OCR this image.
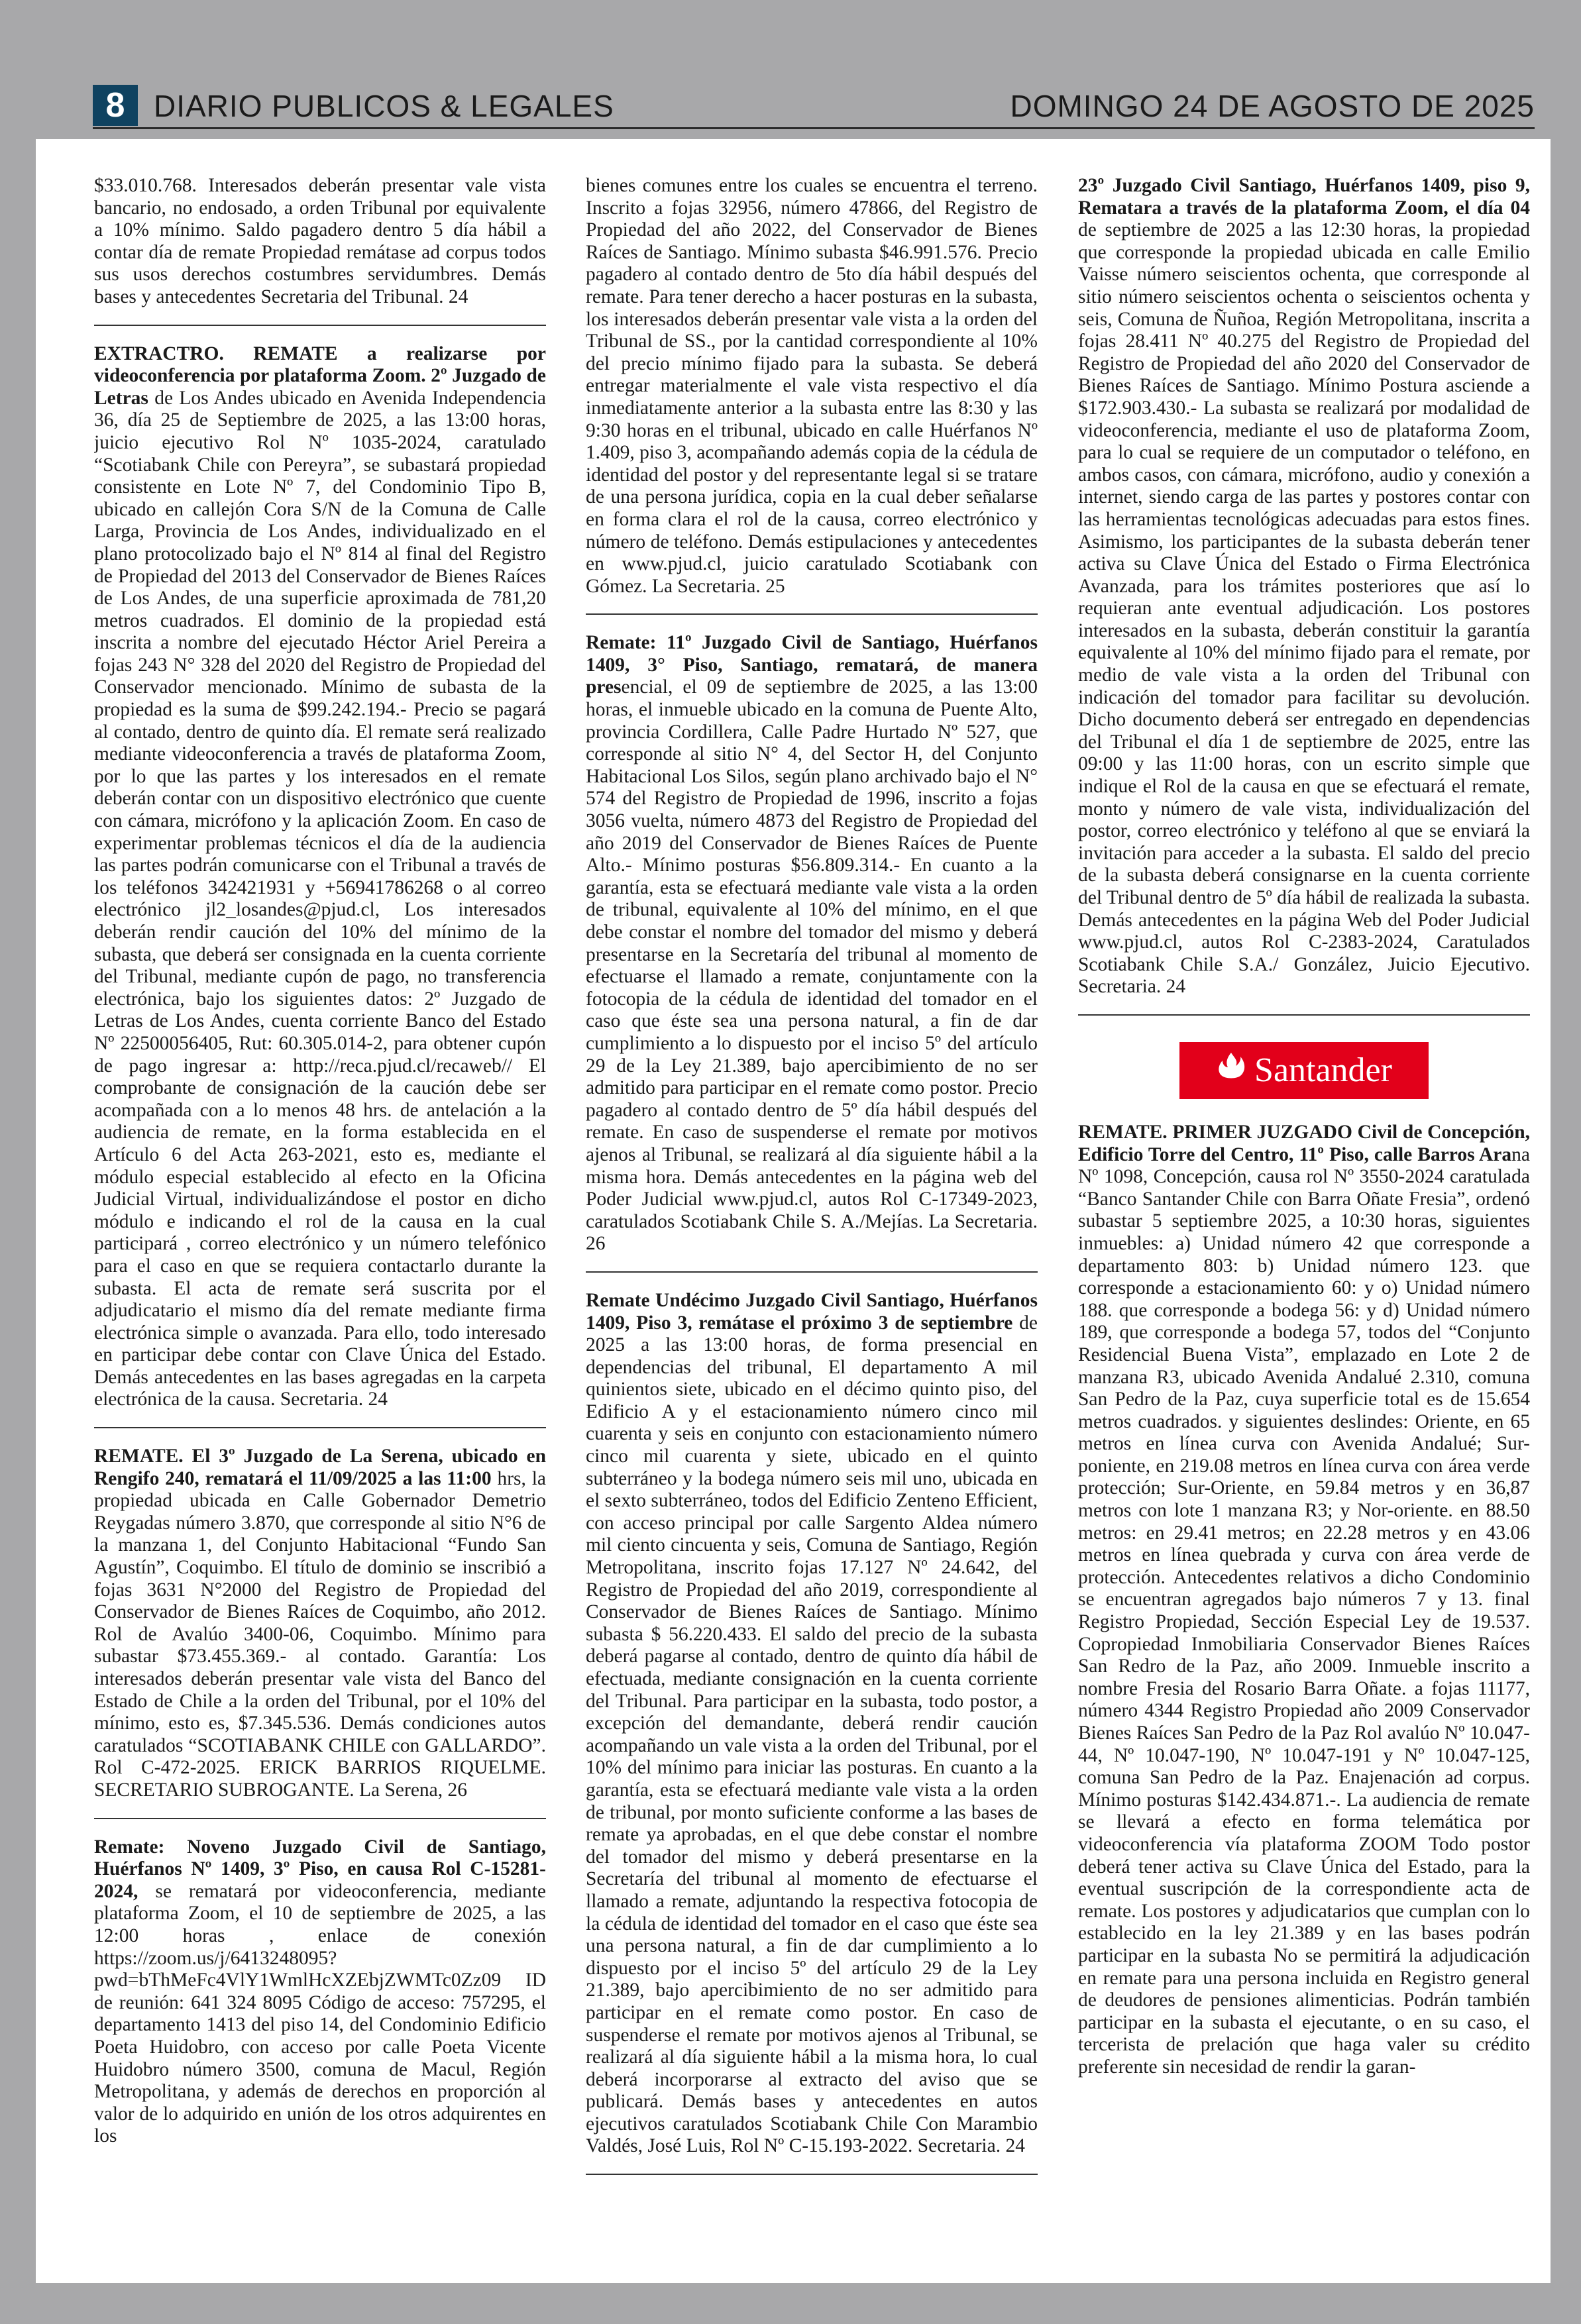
8 DIARIO PUBLICOS & LEGALES	DOMINGO 24 DE AGOSTO DE 2025

$33.010.768. Interesados deberán presentar vale vista bancario, no endosado, a orden Tribunal por equivalente a 10% mínimo. Saldo pagadero dentro 5 día hábil a contar día de remate Propiedad remátase ad corpus todos sus usos derechos costumbres servidumbres. Demás bases y antecedentes Secretaria del Tribunal. 24

EXTRACTRO. REMATE a realizarse por videoconferencia por plataforma Zoom. 2º Juzgado de Letras de Los Andes ubicado en Avenida Independencia 36, día 25 de Septiembre de 2025, a las 13:00 horas, juicio ejecutivo Rol Nº 1035-2024, caratulado “Scotiabank Chile con Pereyra”, se subastará propiedad consistente en Lote Nº 7, del Condominio Tipo B, ubicado en callejón Cora S/N de la Comuna de Calle Larga, Provincia de Los Andes, individualizado en el plano protocolizado bajo el Nº 814 al final del Registro de Propiedad del 2013 del Conservador de Bienes Raíces de Los Andes, de una superficie aproximada de 781,20 metros cuadrados. El dominio de la propiedad está inscrita a nombre del ejecutado Héctor Ariel Pereira a fojas 243 N° 328 del 2020 del Registro de Propiedad del Conservador mencionado. Mínimo de subasta de la propiedad es la suma de $99.242.194.- Precio se pagará al contado, dentro de quinto día. El remate será realizado mediante videoconferencia a través de plataforma Zoom, por lo que las partes y los interesados en el remate deberán contar con un dispositivo electrónico que cuente con cámara, micrófono y la aplicación Zoom. En caso de experimentar problemas técnicos el día de la audiencia las partes podrán comunicarse con el Tribunal a través de los teléfonos 342421931 y +56941786268 o al correo electrónico jl2_losandes@pjud.cl, Los interesados deberán rendir caución del 10% del mínimo de la subasta, que deberá ser consignada en la cuenta corriente del Tribunal, mediante cupón de pago, no transferencia electrónica, bajo los siguientes datos: 2º Juzgado de Letras de Los Andes, cuenta corriente Banco del Estado Nº 22500056405, Rut: 60.305.014-2, para obtener cupón de pago ingresar a: http://reca.pjud.cl/recaweb// El comprobante de consignación de la caución debe ser acompañada con a lo menos 48 hrs. de antelación a la audiencia de remate, en la forma establecida en el Artículo 6 del Acta 263-2021, esto es, mediante el módulo especial establecido al efecto en la Oficina Judicial Virtual, individualizándose el postor en dicho módulo e indicando el rol de la causa en la cual participará , correo electrónico y un número telefónico para el caso en que se requiera contactarlo durante la subasta. El acta de remate será suscrita por el adjudicatario el mismo día del remate mediante firma electrónica simple o avanzada. Para ello, todo interesado en participar debe contar con Clave Única del Estado. Demás antecedentes en las bases agregadas en la carpeta electrónica de la causa. Secretaria. 24

REMATE. El 3º Juzgado de La Serena, ubicado en Rengifo 240, rematará el 11/09/2025 a las 11:00 hrs, la propiedad ubicada en Calle Gobernador Demetrio Reygadas número 3.870, que corresponde al sitio N°6 de la manzana 1, del Conjunto Habitacional “Fundo San Agustín”, Coquimbo. El título de dominio se inscribió a fojas 3631 N°2000 del Registro de Propiedad del Conservador de Bienes Raíces de Coquimbo, año 2012. Rol de Avalúo 3400-06, Coquimbo. Mínimo para subastar $73.455.369.- al contado. Garantía: Los interesados deberán presentar vale vista del Banco del Estado de Chile a la orden del Tribunal, por el 10% del mínimo, esto es, $7.345.536. Demás condiciones autos caratulados “SCOTIABANK CHILE con GALLARDO”. Rol C-472-2025. ERICK BARRIOS RIQUELME. SECRETARIO SUBROGANTE. La Serena, 26

Remate: Noveno Juzgado Civil de Santiago, Huérfanos Nº 1409, 3º Piso, en causa Rol C-15281-2024, se rematará por videoconferencia, mediante plataforma Zoom, el 10 de septiembre de 2025, a las 12:00 horas , enlace de conexión https://zoom.us/j/6413248095?pwd=bThMeFc4VlY1WmlHcXZEbjZWMTc0Zz09 ID de reunión: 641 324 8095 Código de acceso: 757295, el departamento 1413 del piso 14, del Condominio Edificio Poeta Huidobro, con acceso por calle Poeta Vicente Huidobro número 3500, comuna de Macul, Región Metropolitana, y además de derechos en proporción al valor de lo adquirido en unión de los otros adquirentes en los

bienes comunes entre los cuales se encuentra el terreno. Inscrito a fojas 32956, número 47866, del Registro de Propiedad del año 2022, del Conservador de Bienes Raíces de Santiago. Mínimo subasta $46.991.576. Precio pagadero al contado dentro de 5to día hábil después del remate. Para tener derecho a hacer posturas en la subasta, los interesados deberán presentar vale vista a la orden del Tribunal de SS., por la cantidad correspondiente al 10% del precio mínimo fijado para la subasta. Se deberá entregar materialmente el vale vista respectivo el día inmediatamente anterior a la subasta entre las 8:30 y las 9:30 horas en el tribunal, ubicado en calle Huérfanos Nº 1.409, piso 3, acompañando además copia de la cédula de identidad del postor y del representante legal si se tratare de una persona jurídica, copia en la cual deber señalarse en forma clara el rol de la causa, correo electrónico y número de teléfono. Demás estipulaciones y antecedentes en www.pjud.cl, juicio caratulado Scotiabank con Gómez. La Secretaria. 25

Remate: 11º Juzgado Civil de Santiago, Huérfanos 1409, 3° Piso, Santiago, rematará, de manera presencial, el 09 de septiembre de 2025, a las 13:00 horas, el inmueble ubicado en la comuna de Puente Alto, provincia Cordillera, Calle Padre Hurtado Nº 527, que corresponde al sitio N° 4, del Sector H, del Conjunto Habitacional Los Silos, según plano archivado bajo el N° 574 del Registro de Propiedad de 1996, inscrito a fojas 3056 vuelta, número 4873 del Registro de Propiedad del año 2019 del Conservador de Bienes Raíces de Puente Alto.- Mínimo posturas $56.809.314.- En cuanto a la garantía, esta se efectuará mediante vale vista a la orden de tribunal, equivalente al 10% del mínimo, en el que debe constar el nombre del tomador del mismo y deberá presentarse en la Secretaría del tribunal al momento de efectuarse el llamado a remate, conjuntamente con la fotocopia de la cédula de identidad del tomador en el caso que éste sea una persona natural, a fin de dar cumplimiento a lo dispuesto por el inciso 5º del artículo 29 de la Ley 21.389, bajo apercibimiento de no ser admitido para participar en el remate como postor. Precio pagadero al contado dentro de 5º día hábil después del remate. En caso de suspenderse el remate por motivos ajenos al Tribunal, se realizará al día siguiente hábil a la misma hora. Demás antecedentes en la página web del Poder Judicial www.pjud.cl, autos Rol C-17349-2023, caratulados Scotiabank Chile S. A./Mejías. La Secretaria. 26

Remate Undécimo Juzgado Civil Santiago, Huérfanos 1409, Piso 3, remátase el próximo 3 de septiembre de 2025 a las 13:00 horas, de forma presencial en dependencias del tribunal, El departamento A mil quinientos siete, ubicado en el décimo quinto piso, del Edificio A y el estacionamiento número cinco mil cuarenta y seis en conjunto con estacionamiento número cinco mil cuarenta y siete, ubicado en el quinto subterráneo y la bodega número seis mil uno, ubicada en el sexto subterráneo, todos del Edificio Zenteno Efficient, con acceso principal por calle Sargento Aldea número mil ciento cincuenta y seis, Comuna de Santiago, Región Metropolitana, inscrito fojas 17.127 Nº 24.642, del Registro de Propiedad del año 2019, correspondiente al Conservador de Bienes Raíces de Santiago. Mínimo subasta $ 56.220.433. El saldo del precio de la subasta deberá pagarse al contado, dentro de quinto día hábil de efectuada, mediante consignación en la cuenta corriente del Tribunal. Para participar en la subasta, todo postor, a excepción del demandante, deberá rendir caución acompañando un vale vista a la orden del Tribunal, por el 10% del mínimo para iniciar las posturas. En cuanto a la garantía, esta se efectuará mediante vale vista a la orden de tribunal, por monto suficiente conforme a las bases de remate ya aprobadas, en el que debe constar el nombre del tomador del mismo y deberá presentarse en la Secretaría del tribunal al momento de efectuarse el llamado a remate, adjuntando la respectiva fotocopia de la cédula de identidad del tomador en el caso que éste sea una persona natural, a fin de dar cumplimiento a lo dispuesto por el inciso 5º del artículo 29 de la Ley 21.389, bajo apercibimiento de no ser admitido para participar en el remate como postor. En caso de suspenderse el remate por motivos ajenos al Tribunal, se realizará al día siguiente hábil a la misma hora, lo cual deberá incorporarse al extracto del aviso que se publicará. Demás bases y antecedentes en autos ejecutivos caratulados Scotiabank Chile Con Marambio Valdés, José Luis, Rol Nº C-15.193-2022. Secretaria. 24

23º Juzgado Civil Santiago, Huérfanos 1409, piso 9, Rematara a través de la plataforma Zoom, el día 04 de septiembre de 2025 a las 12:30 horas, la propiedad que corresponde la propiedad ubicada en calle Emilio Vaisse número seiscientos ochenta, que corresponde al sitio número seiscientos ochenta o seiscientos ochenta y seis, Comuna de Ñuñoa, Región Metropolitana, inscrita a fojas 28.411 Nº 40.275 del Registro de Propiedad del Registro de Propiedad del año 2020 del Conservador de Bienes Raíces de Santiago. Mínimo Postura asciende a $172.903.430.- La subasta se realizará por modalidad de videoconferencia, mediante el uso de plataforma Zoom, para lo cual se requiere de un computador o teléfono, en ambos casos, con cámara, micrófono, audio y conexión a internet, siendo carga de las partes y postores contar con las herramientas tecnológicas adecuadas para estos fines. Asimismo, los participantes de la subasta deberán tener activa su Clave Única del Estado o Firma Electrónica Avanzada, para los trámites posteriores que así lo requieran ante eventual adjudicación. Los postores interesados en la subasta, deberán constituir la garantía equivalente al 10% del mínimo fijado para el remate, por medio de vale vista a la orden del Tribunal con indicación del tomador para facilitar su devolución. Dicho documento deberá ser entregado en dependencias del Tribunal el día 1 de septiembre de 2025, entre las 09:00 y las 11:00 horas, con un escrito simple que indique el Rol de la causa en que se efectuará el remate, monto y número de vale vista, individualización del postor, correo electrónico y teléfono al que se enviará la invitación para acceder a la subasta. El saldo del precio de la subasta deberá consignarse en la cuenta corriente del Tribunal dentro de 5º día hábil de realizada la subasta. Demás antecedentes en la página Web del Poder Judicial www.pjud.cl, autos Rol C-2383-2024, Caratulados Scotiabank Chile S.A./ González, Juicio Ejecutivo. Secretaria. 24

Santander

REMATE. PRIMER JUZGADO Civil de Concepción, Edificio Torre del Centro, 11º Piso, calle Barros Arana Nº 1098, Concepción, causa rol Nº 3550-2024 caratulada “Banco Santander Chile con Barra Oñate Fresia”, ordenó subastar 5 septiembre 2025, a 10:30 horas, siguientes inmuebles: a) Unidad número 42 que corresponde a departamento 803: b) Unidad número 123. que corresponde a estacionamiento 60: y o) Unidad número 188. que corresponde a bodega 56: y d) Unidad número 189, que corresponde a bodega 57, todos del “Conjunto Residencial Buena Vista”, emplazado en Lote 2 de manzana R3, ubicado Avenida Andalué 2.310, comuna San Pedro de la Paz, cuya superficie total es de 15.654 metros cuadrados. y siguientes deslindes: Oriente, en 65 metros en línea curva con Avenida Andalué; Sur-poniente, en 219.08 metros en línea curva con área verde protección; Sur-Oriente, en 59.84 metros y en 36,87 metros con lote 1 manzana R3; y Nor-oriente. en 88.50 metros: en 29.41 metros; en 22.28 metros y en 43.06 metros en línea quebrada y curva con área verde de protección. Antecedentes relativos a dicho Condominio se encuentran agregados bajo números 7 y 13. final Registro Propiedad, Sección Especial Ley de 19.537. Copropiedad Inmobiliaria Conservador Bienes Raíces San Redro de la Paz, año 2009. Inmueble inscrito a nombre Fresia del Rosario Barra Oñate. a fojas 11177, número 4344 Registro Propiedad año 2009 Conservador Bienes Raíces San Pedro de la Paz Rol avalúo Nº 10.047-44, Nº 10.047-190, Nº 10.047-191 y Nº 10.047-125, comuna San Pedro de la Paz. Enajenación ad corpus. Mínimo posturas $142.434.871.-. La audiencia de remate se llevará a efecto en forma telemática por videoconferencia vía plataforma ZOOM Todo postor deberá tener activa su Clave Única del Estado, para la eventual suscripción de la correspondiente acta de remate. Los postores y adjudicatarios que cumplan con lo establecido en la ley 21.389 y en las bases podrán participar en la subasta No se permitirá la adjudicación en remate para una persona incluida en Registro general de deudores de pensiones alimenticias. Podrán también participar en la subasta el ejecutante, o en su caso, el tercerista de prelación que haga valer su crédito preferente sin necesidad de rendir la garan-
